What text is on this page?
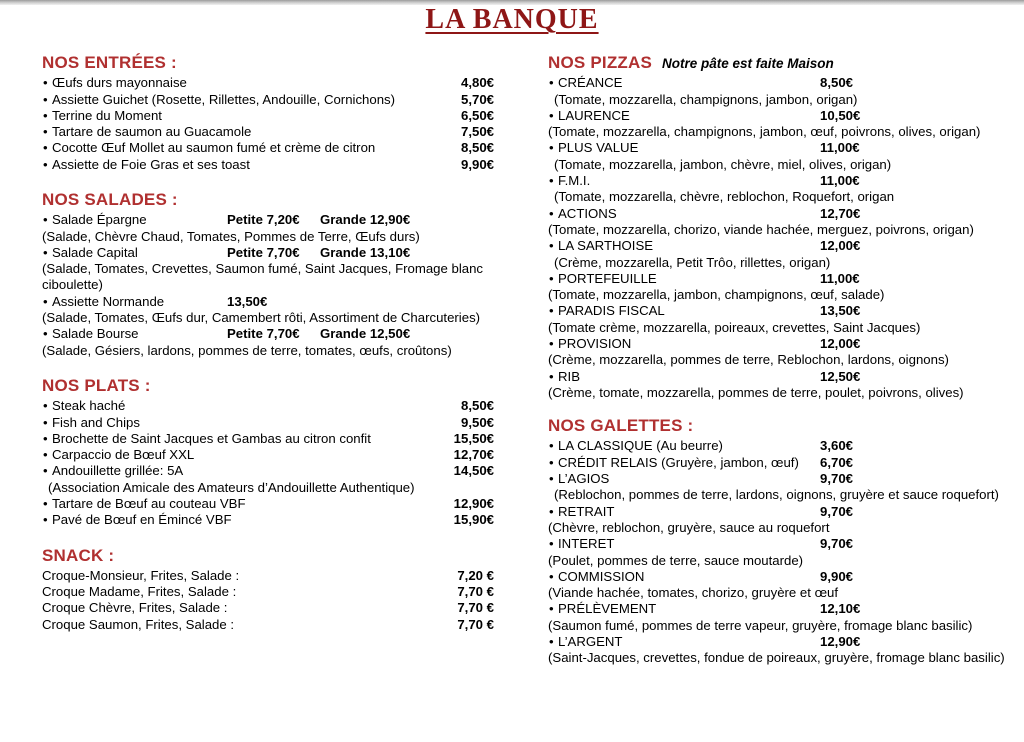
LA BANQUE
NOS ENTRÉES :
• Œufs durs mayonnaise	4,80€
• Assiette Guichet (Rosette, Rillettes, Andouille, Cornichons)	5,70€
• Terrine du Moment	6,50€
• Tartare de saumon au Guacamole	7,50€
• Cocotte Œuf Mollet au saumon fumé et crème de citron	8,50€
• Assiette de Foie Gras et ses toast	9,90€
NOS SALADES :
• Salade Épargne	Petite 7,20€ Grande 12,90€
(Salade, Chèvre Chaud, Tomates, Pommes de Terre, Œufs durs)
• Salade Capital	Petite 7,70€ Grande 13,10€
(Salade, Tomates, Crevettes, Saumon fumé, Saint Jacques, Fromage blanc
ciboulette)
• Assiette Normande	13,50€
(Salade, Tomates, Œufs dur, Camembert rôti, Assortiment de Charcuteries)
• Salade Bourse	Petite 7,70€ Grande 12,50€
(Salade, Gésiers, lardons, pommes de terre, tomates, œufs, croûtons)
NOS PLATS :
• Steak haché	8,50€
• Fish and Chips	9,50€
• Brochette de Saint Jacques et Gambas au citron confit	15,50€
• Carpaccio de Bœuf XXL	12,70€
• Andouillette grillée: 5A	14,50€
(Association Amicale des Amateurs d’Andouillette Authentique)
• Tartare de Bœuf au couteau VBF	12,90€
• Pavé de Bœuf en Émincé VBF	15,90€
SNACK :
Croque-Monsieur, Frites, Salade :	7,20 €
Croque Madame, Frites, Salade :	7,70 €
Croque Chèvre, Frites, Salade :	7,70 €
Croque Saumon, Frites, Salade :	7,70 €
NOS PIZZAS Notre pâte est faite Maison
• CRÉANCE	8,50€
(Tomate, mozzarella, champignons, jambon, origan)
• LAURENCE	10,50€
(Tomate, mozzarella, champignons, jambon, œuf, poivrons, olives, origan)
• PLUS VALUE	11,00€
(Tomate, mozzarella, jambon, chèvre, miel, olives, origan)
• F.M.I.	11,00€
(Tomate, mozzarella, chèvre, reblochon, Roquefort, origan
• ACTIONS	12,70€
(Tomate, mozzarella, chorizo, viande hachée, merguez, poivrons, origan)
• LA SARTHOISE	12,00€
(Crème, mozzarella, Petit Trôo, rillettes, origan)
• PORTEFEUILLE	11,00€
(Tomate, mozzarella, jambon, champignons, œuf, salade)
• PARADIS FISCAL	13,50€
(Tomate crème, mozzarella, poireaux, crevettes, Saint Jacques)
• PROVISION	12,00€
(Crème, mozzarella, pommes de terre, Reblochon, lardons, oignons)
• RIB	12,50€
(Crème, tomate, mozzarella, pommes de terre, poulet, poivrons, olives)
NOS GALETTES :
• LA CLASSIQUE (Au beurre)	3,60€
• CRÉDIT RELAIS (Gruyère, jambon, œuf) 6,70€
• L’AGIOS	9,70€
(Reblochon, pommes de terre, lardons, oignons, gruyère et sauce roquefort)
• RETRAIT	9,70€
(Chèvre, reblochon, gruyère, sauce au roquefort
• INTERET	9,70€
(Poulet, pommes de terre, sauce moutarde)
• COMMISSION	9,90€
(Viande hachée, tomates, chorizo, gruyère et œuf
• PRÉLÈVEMENT	12,10€
(Saumon fumé, pommes de terre vapeur, gruyère, fromage blanc basilic)
• L’ARGENT	12,90€
(Saint-Jacques, crevettes, fondue de poireaux, gruyère, fromage blanc basilic)
